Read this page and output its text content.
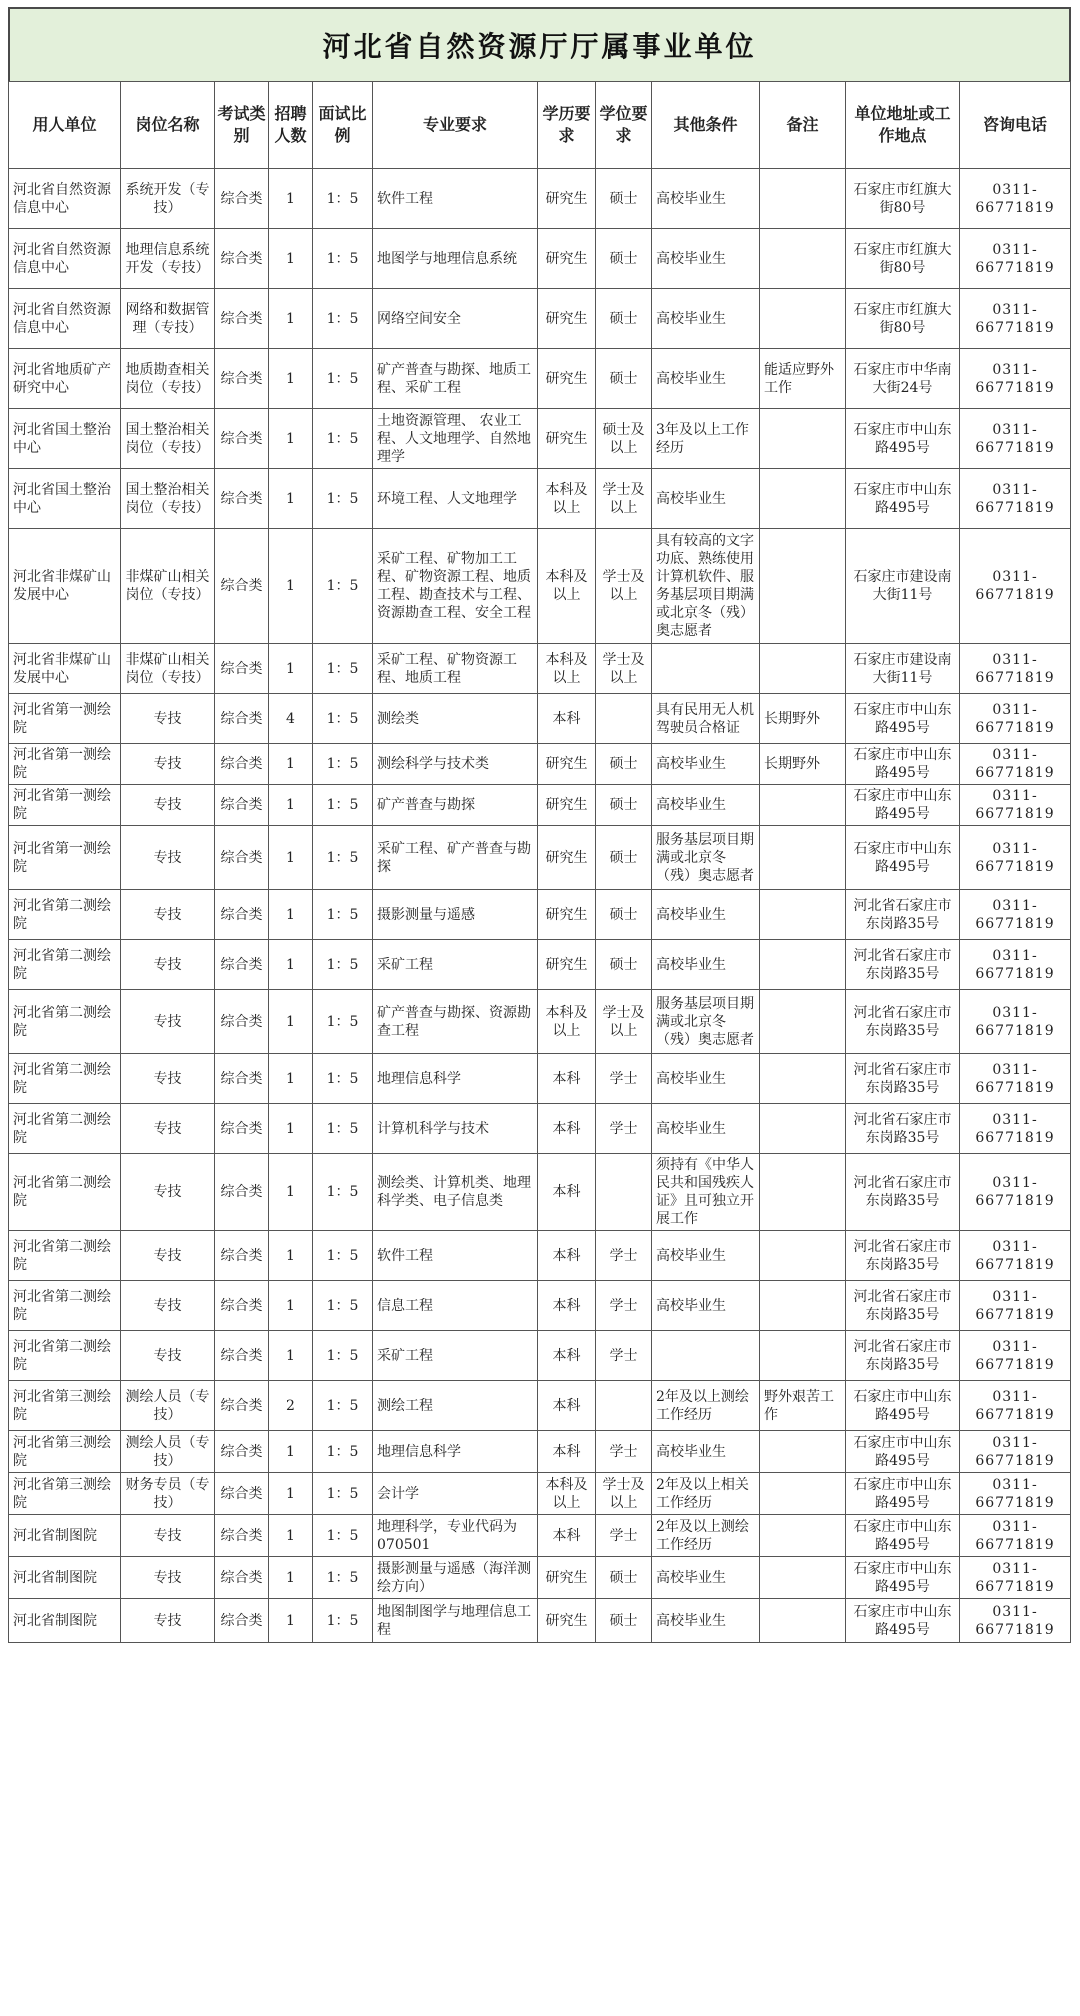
河北省自然资源厅厅属事业单位
用人单位	岗位名称	考试类别	招聘人数	面试比例	专业要求	学历要求	学位要求	其他条件	备注	单位地址或工作地点	咨询电话
河北省自然资源信息中心	系统开发（专技）	综合类	1	1：5	软件工程	研究生	硕士	高校毕业生		石家庄市红旗大街80号	0311-66771819
河北省自然资源信息中心	地理信息系统开发（专技）	综合类	1	1：5	地图学与地理信息系统	研究生	硕士	高校毕业生		石家庄市红旗大街80号	0311-66771819
河北省自然资源信息中心	网络和数据管理（专技）	综合类	1	1：5	网络空间安全	研究生	硕士	高校毕业生		石家庄市红旗大街80号	0311-66771819
河北省地质矿产研究中心	地质勘查相关岗位（专技）	综合类	1	1：5	矿产普查与勘探、地质工程、采矿工程	研究生	硕士	高校毕业生	能适应野外工作	石家庄市中华南大街24号	0311-66771819
河北省国土整治中心	国土整治相关岗位（专技）	综合类	1	1：5	土地资源管理、 农业工程、人文地理学、自然地理学	研究生	硕士及以上	3年及以上工作经历		石家庄市中山东路495号	0311-66771819
河北省国土整治中心	国土整治相关岗位（专技）	综合类	1	1：5	环境工程、人文地理学	本科及以上	学士及以上	高校毕业生		石家庄市中山东路495号	0311-66771819
河北省非煤矿山发展中心	非煤矿山相关岗位（专技）	综合类	1	1：5	采矿工程、矿物加工工程、矿物资源工程、地质工程、勘查技术与工程、资源勘查工程、安全工程	本科及以上	学士及以上	具有较高的文字功底、熟练使用计算机软件、服务基层项目期满或北京冬（残）奥志愿者		石家庄市建设南大街11号	0311-66771819
河北省非煤矿山发展中心	非煤矿山相关岗位（专技）	综合类	1	1：5	采矿工程、矿物资源工程、地质工程	本科及以上	学士及以上			石家庄市建设南大街11号	0311-66771819
河北省第一测绘院	专技	综合类	4	1：5	测绘类	本科		具有民用无人机驾驶员合格证	长期野外	石家庄市中山东路495号	0311-66771819
河北省第一测绘院	专技	综合类	1	1：5	测绘科学与技术类	研究生	硕士	高校毕业生	长期野外	石家庄市中山东路495号	0311-66771819
河北省第一测绘院	专技	综合类	1	1：5	矿产普查与勘探	研究生	硕士	高校毕业生		石家庄市中山东路495号	0311-66771819
河北省第一测绘院	专技	综合类	1	1：5	采矿工程、矿产普查与勘探	研究生	硕士	服务基层项目期满或北京冬（残）奥志愿者		石家庄市中山东路495号	0311-66771819
河北省第二测绘院	专技	综合类	1	1：5	摄影测量与遥感	研究生	硕士	高校毕业生		河北省石家庄市东岗路35号	0311-66771819
河北省第二测绘院	专技	综合类	1	1：5	采矿工程	研究生	硕士	高校毕业生		河北省石家庄市东岗路35号	0311-66771819
河北省第二测绘院	专技	综合类	1	1：5	矿产普查与勘探、资源勘查工程	本科及以上	学士及以上	服务基层项目期满或北京冬（残）奥志愿者		河北省石家庄市东岗路35号	0311-66771819
河北省第二测绘院	专技	综合类	1	1：5	地理信息科学	本科	学士	高校毕业生		河北省石家庄市东岗路35号	0311-66771819
河北省第二测绘院	专技	综合类	1	1：5	计算机科学与技术	本科	学士	高校毕业生		河北省石家庄市东岗路35号	0311-66771819
河北省第二测绘院	专技	综合类	1	1：5	测绘类、计算机类、地理科学类、电子信息类	本科		须持有《中华人民共和国残疾人证》且可独立开展工作		河北省石家庄市东岗路35号	0311-66771819
河北省第二测绘院	专技	综合类	1	1：5	软件工程	本科	学士	高校毕业生		河北省石家庄市东岗路35号	0311-66771819
河北省第二测绘院	专技	综合类	1	1：5	信息工程	本科	学士	高校毕业生		河北省石家庄市东岗路35号	0311-66771819
河北省第二测绘院	专技	综合类	1	1：5	采矿工程	本科	学士			河北省石家庄市东岗路35号	0311-66771819
河北省第三测绘院	测绘人员（专技）	综合类	2	1：5	测绘工程	本科		2年及以上测绘工作经历	野外艰苦工作	石家庄市中山东路495号	0311-66771819
河北省第三测绘院	测绘人员（专技）	综合类	1	1：5	地理信息科学	本科	学士	高校毕业生		石家庄市中山东路495号	0311-66771819
河北省第三测绘院	财务专员（专技）	综合类	1	1：5	会计学	本科及以上	学士及以上	2年及以上相关工作经历		石家庄市中山东路495号	0311-66771819
河北省制图院	专技	综合类	1	1：5	地理科学，专业代码为070501	本科	学士	2年及以上测绘工作经历		石家庄市中山东路495号	0311-66771819
河北省制图院	专技	综合类	1	1：5	摄影测量与遥感（海洋测绘方向）	研究生	硕士	高校毕业生		石家庄市中山东路495号	0311-66771819
河北省制图院	专技	综合类	1	1：5	地图制图学与地理信息工程	研究生	硕士	高校毕业生		石家庄市中山东路495号	0311-66771819
